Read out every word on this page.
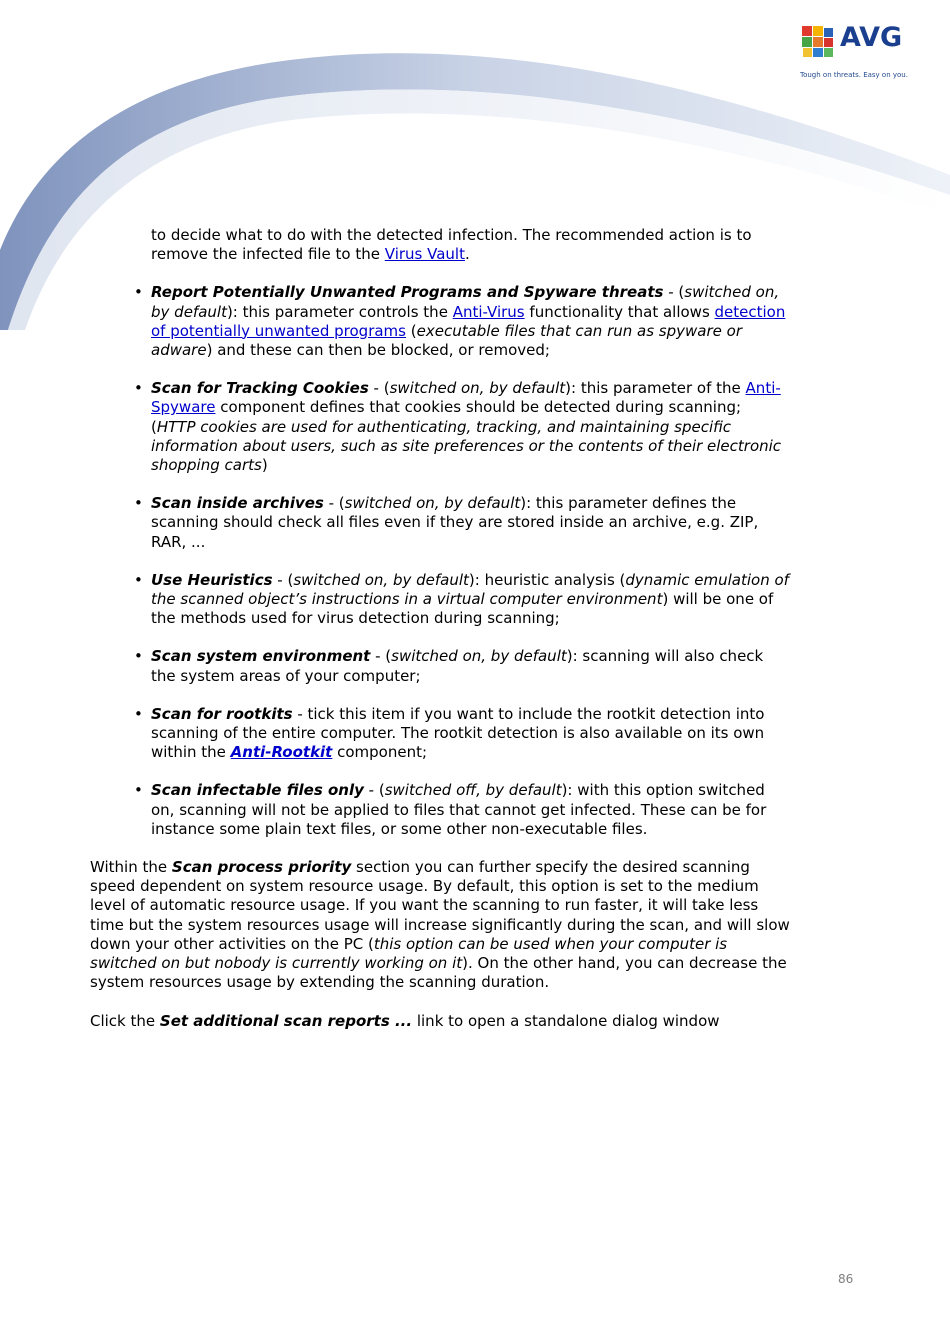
AVG
Tough on threats. Easy on you.

to decide what to do with the detected infection. The recommended action is to remove the infected file to the Virus Vault.

• Report Potentially Unwanted Programs and Spyware threats - (switched on, by default): this parameter controls the Anti-Virus functionality that allows detection of potentially unwanted programs (executable files that can run as spyware or adware) and these can then be blocked, or removed;
• Scan for Tracking Cookies - (switched on, by default): this parameter of the Anti-Spyware component defines that cookies should be detected during scanning; (HTTP cookies are used for authenticating, tracking, and maintaining specific information about users, such as site preferences or the contents of their electronic shopping carts)
• Scan inside archives - (switched on, by default): this parameter defines the scanning should check all files even if they are stored inside an archive, e.g. ZIP, RAR, ...
• Use Heuristics - (switched on, by default): heuristic analysis (dynamic emulation of the scanned object’s instructions in a virtual computer environment) will be one of the methods used for virus detection during scanning;
• Scan system environment - (switched on, by default): scanning will also check the system areas of your computer;
• Scan for rootkits - tick this item if you want to include the rootkit detection into scanning of the entire computer. The rootkit detection is also available on its own within the Anti-Rootkit component;
• Scan infectable files only - (switched off, by default): with this option switched on, scanning will not be applied to files that cannot get infected. These can be for instance some plain text files, or some other non-executable files.

Within the Scan process priority section you can further specify the desired scanning speed dependent on system resource usage. By default, this option is set to the medium level of automatic resource usage. If you want the scanning to run faster, it will take less time but the system resources usage will increase significantly during the scan, and will slow down your other activities on the PC (this option can be used when your computer is switched on but nobody is currently working on it). On the other hand, you can decrease the system resources usage by extending the scanning duration.

Click the Set additional scan reports ... link to open a standalone dialog window

86
